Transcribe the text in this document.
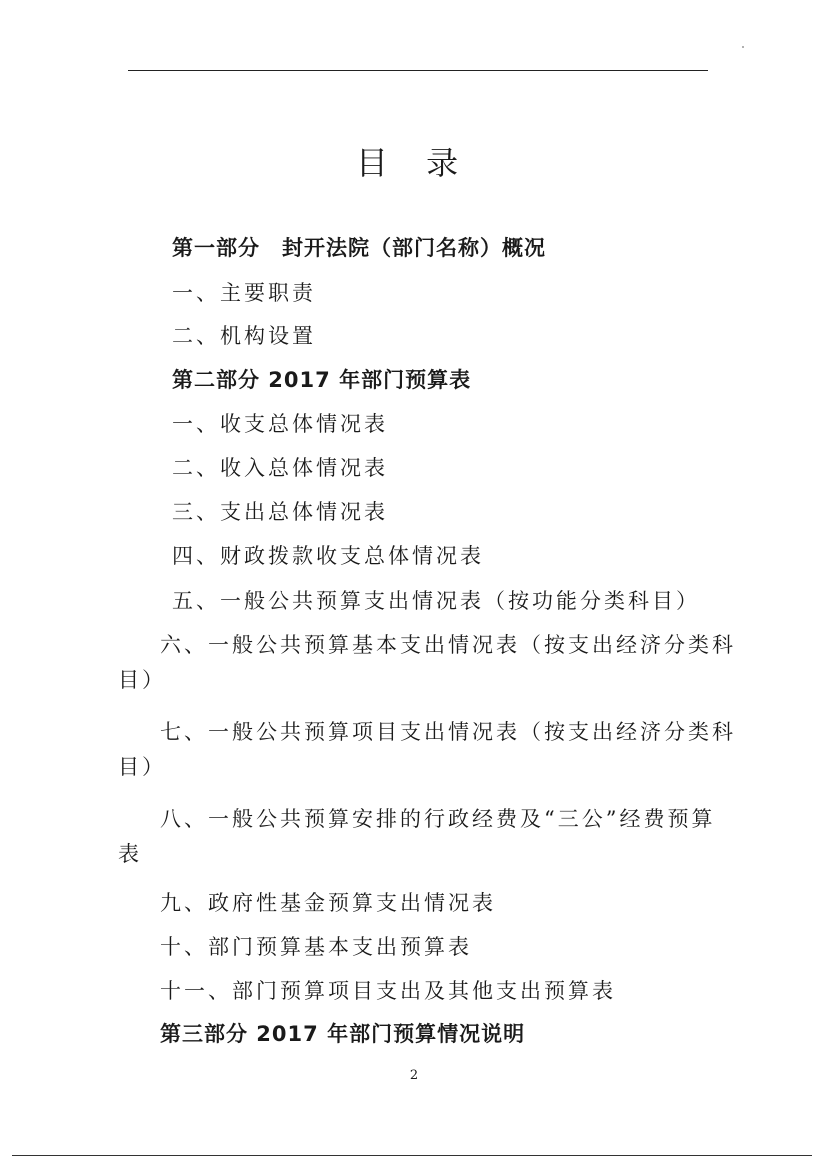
目 录
第一部分　封开法院（部门名称）概况
一、主要职责
二、机构设置
第二部分 2017 年部门预算表
一、收支总体情况表
二、收入总体情况表
三、支出总体情况表
四、财政拨款收支总体情况表
五、一般公共预算支出情况表（按功能分类科目）
六、一般公共预算基本支出情况表（按支出经济分类科
目）
七、一般公共预算项目支出情况表（按支出经济分类科
目）
八、一般公共预算安排的行政经费及“三公”经费预算
表
九、政府性基金预算支出情况表
十、部门预算基本支出预算表
十一、部门预算项目支出及其他支出预算表
第三部分 2017 年部门预算情况说明
2
